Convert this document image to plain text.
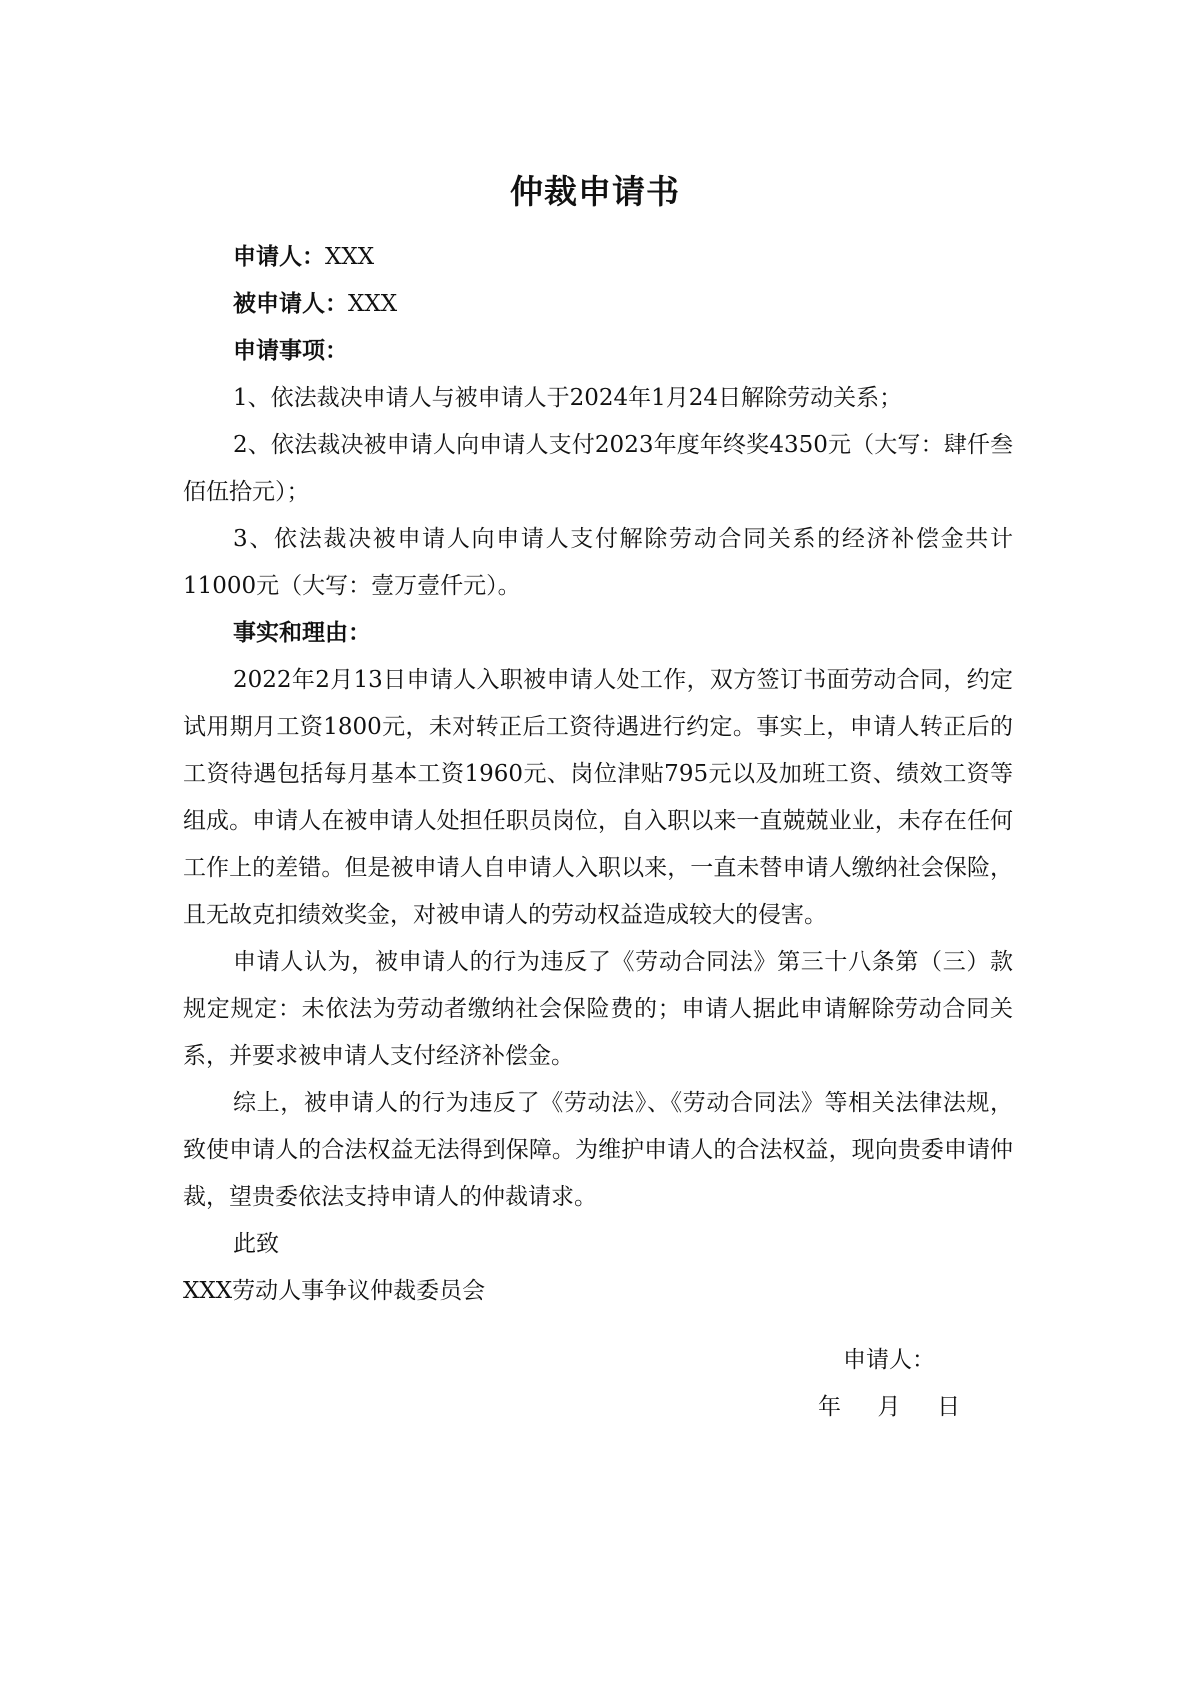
仲裁申请书
申请人：XXX
被申请人：XXX
申请事项：
1、依法裁决申请人与被申请人于2024年1月24日解除劳动关系；
2、依法裁决被申请人向申请人支付2023年度年终奖4350元（大写：肆仟叁佰伍拾元）；
3、依法裁决被申请人向申请人支付解除劳动合同关系的经济补偿金共计11000元（大写：壹万壹仟元）。
事实和理由：
2022年2月13日申请人入职被申请人处工作，双方签订书面劳动合同，约定试用期月工资1800元，未对转正后工资待遇进行约定。事实上，申请人转正后的工资待遇包括每月基本工资1960元、岗位津贴795元以及加班工资、绩效工资等组成。申请人在被申请人处担任职员岗位，自入职以来一直兢兢业业，未存在任何工作上的差错。但是被申请人自申请人入职以来，一直未替申请人缴纳社会保险，且无故克扣绩效奖金，对被申请人的劳动权益造成较大的侵害。
申请人认为，被申请人的行为违反了《劳动合同法》第三十八条第（三）款规定规定：未依法为劳动者缴纳社会保险费的；申请人据此申请解除劳动合同关系，并要求被申请人支付经济补偿金。
综上，被申请人的行为违反了《劳动法》、《劳动合同法》等相关法律法规，致使申请人的合法权益无法得到保障。为维护申请人的合法权益，现向贵委申请仲裁，望贵委依法支持申请人的仲裁请求。
此致
XXX劳动人事争议仲裁委员会
申请人：
年     月     日
